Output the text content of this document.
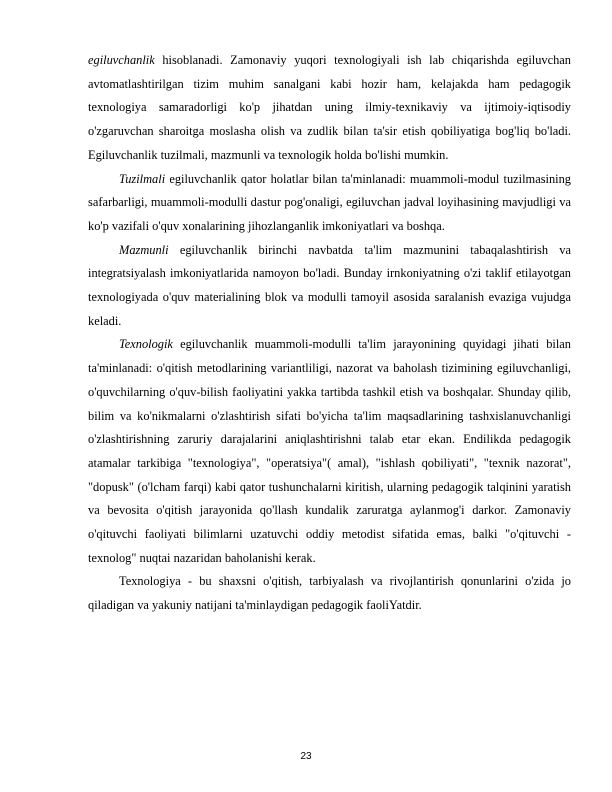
egiluvchanlik hisoblanadi. Zamonaviy yuqori texnologiyali ish lab chiqarishda egiluvchan avtomatlashtirilgan tizim muhim sanalgani kabi hozir ham, kelajakda ham pedagogik texnologiya samaradorligi ko'p jihatdan uning ilmiy-texnikaviy va ijtimoiy-iqtisodiy o'zgaruvchan sharoitga moslasha olish va zudlik bilan ta'sir etish qobiliyatiga bog'liq bo'ladi. Egiluvchanlik tuzilmali, mazmunli va texnologik holda bo'lishi mumkin.

Tuzilmali egiluvchanlik qator holatlar bilan ta'minlanadi: muammoli-modul tuzilmasining safarbarligi, muammoli-modulli dastur pog'onaligi, egiluvchan jadval loyihasining mavjudligi va ko'p vazifali o'quv xonalarining jihozlanganlik imkoniyatlari va boshqa.

Mazmunli egiluvchanlik birinchi navbatda ta'lim mazmunini tabaqalashtirish va integratsiyalash imkoniyatlarida namoyon bo'ladi. Bunday irnkoniyatning o'zi taklif etilayotgan texnologiyada o'quv materialining blok va modulli tamoyil asosida saralanish evaziga vujudga keladi.

Texnologik egiluvchanlik muammoli-modulli ta'lim jarayonining quyidagi jihati bilan ta'minlanadi: o'qitish metodlarining variantliligi, nazorat va baholash tizimining egiluvchanligi, o'quvchilarning o'quv-bilish faoliyatini yakka tartibda tashkil etish va boshqalar. Shunday qilib, bilim va ko'nikmalarni o'zlashtirish sifati bo'yicha ta'lim maqsadlarining tashxislanuvchanligi o'zlashtirishning zaruriy darajalarini aniqlashtirishni talab etar ekan. Endilikda pedagogik atamalar tarkibiga "texnologiya", "operatsiya"( amal), "ishlash qobiliyati", "texnik nazorat", "dopusk" (o'lcham farqi) kabi qator tushunchalarni kiritish, ularning pedagogik talqinini yaratish va bevosita o'qitish jarayonida qo'llash kundalik zaruratga aylanmog'i darkor. Zamonaviy o'qituvchi faoliyati bilimlarni uzatuvchi oddiy metodist sifatida emas, balki "o'qituvchi - texnolog" nuqtai nazaridan baholanishi kerak.

Texnologiya - bu shaxsni o'qitish, tarbiyalash va rivojlantirish qonunlarini o'zida jo qiladigan va yakuniy natijani ta'minlaydigan pedagogik faoliYatdir.

23
